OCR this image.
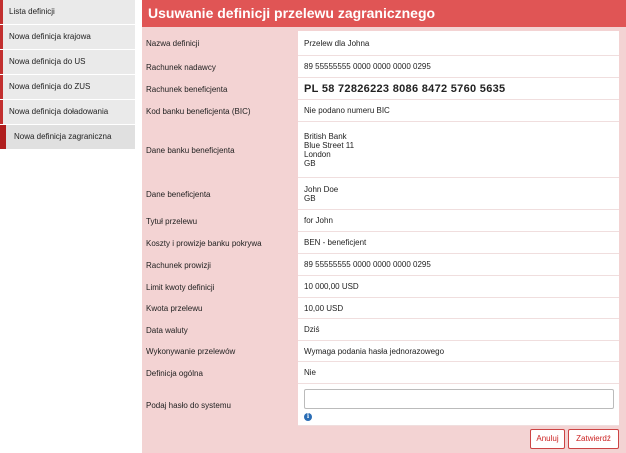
Lista definicji
Nowa definicja krajowa
Nowa definicja do US
Nowa definicja do ZUS
Nowa definicja doładowania
Nowa definicja zagraniczna
Usuwanie definicji przelewu zagranicznego
Nazwa definicji	Przelew dla Johna
Rachunek nadawcy	89 55555555 0000 0000 0000 0295
Rachunek beneficjenta	PL 58 72826223 8086 8472 5760 5635
Kod banku beneficjenta (BIC)	Nie podano numeru BIC
Dane banku beneficjenta
British Bank
Blue Street 11
London
GB
Dane beneficjenta
John Doe
GB
Tytuł przelewu	for John
Koszty i prowizje banku pokrywa	BEN - beneficjent
Rachunek prowizji	89 55555555 0000 0000 0000 0295
Limit kwoty definicji	10 000,00 USD
Kwota przelewu	10,00 USD
Data waluty	Dziś
Wykonywanie przelewów	Wymaga podania hasła jednorazowego
Definicja ogólna	Nie
Podaj hasło do systemu
i
Anuluj	Zatwierdź
